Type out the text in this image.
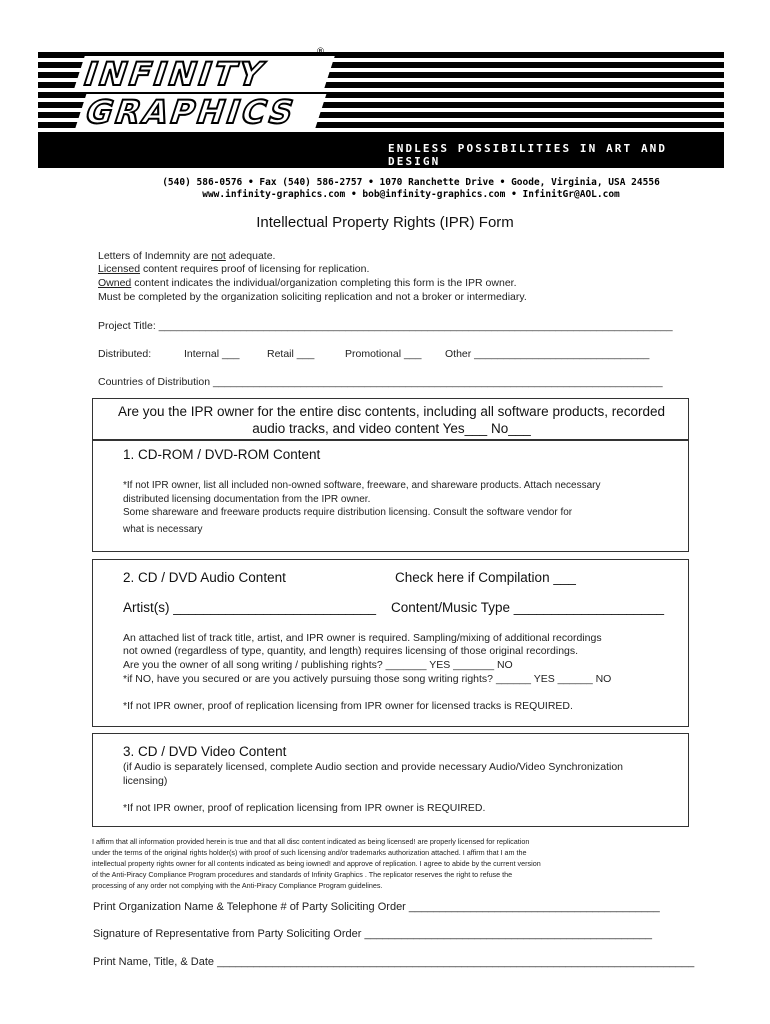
ENDLESS POSSIBILITIES IN ART AND DESIGN
INFINITY
GRAPHICS
®
(540) 586-0576 • Fax (540) 586-2757 • 1070 Ranchette Drive • Goode, Virginia, USA 24556
www.infinity-graphics.com • bob@infinity-graphics.com • InfinitGr@AOL.com
Intellectual Property Rights (IPR) Form
Letters of Indemnity are not adequate.
Licensed content requires proof of licensing for replication.
Owned content indicates the individual/organization completing this form is the IPR owner.
Must be completed by the organization soliciting replication and not a broker or intermediary.
Project Title: ________________________________________________________________________________________
Distributed:	Internal ___	Retail ___	Promotional ___ Other ______________________________
Countries of Distribution _____________________________________________________________________________
Are you the IPR owner for the entire disc contents, including all software products, recorded
audio tracks, and video content Yes___ No___
1. CD-ROM / DVD-ROM Content
*If not IPR owner, list all included non-owned software, freeware, and shareware products. Attach necessary
distributed licensing documentation from the IPR owner.
Some shareware and freeware products require distribution licensing. Consult the software vendor for
what is necessary
2. CD / DVD Audio Content	Check here if Compilation ___
Artist(s) ___________________________ Content/Music Type ____________________
An attached list of track title, artist, and IPR owner is required. Sampling/mixing of additional recordings
not owned (regardless of type, quantity, and length) requires licensing of those original recordings.
Are you the owner of all song writing / publishing rights? _______ YES _______ NO
*if NO, have you secured or are you actively pursuing those song writing rights? ______ YES ______ NO
*If not IPR owner, proof of replication licensing from IPR owner for licensed tracks is REQUIRED.
3. CD / DVD Video Content
(if Audio is separately licensed, complete Audio section and provide necessary Audio/Video Synchronization
licensing)
*If not IPR owner, proof of replication licensing from IPR owner is REQUIRED.
I affirm that all information provided herein is true and that all disc content indicated as being licensed! are properly licensed for replication
under the terms of the original rights holder(s) with proof of such licensing and/or trademarks authorization attached. I affirm that I am the
intellectual property rights owner for all contents indicated as being iowned! and approve of replication. I agree to abide by the current version
of the Anti-Piracy Compliance Program procedures and standards of Infinity Graphics . The replicator reserves the right to refuse the
processing of any order not complying with the Anti-Piracy Compliance Program guidelines.
Print Organization Name & Telephone # of Party Soliciting Order _________________________________________
Signature of Representative from Party Soliciting Order _______________________________________________
Print Name, Title, & Date ______________________________________________________________________________
